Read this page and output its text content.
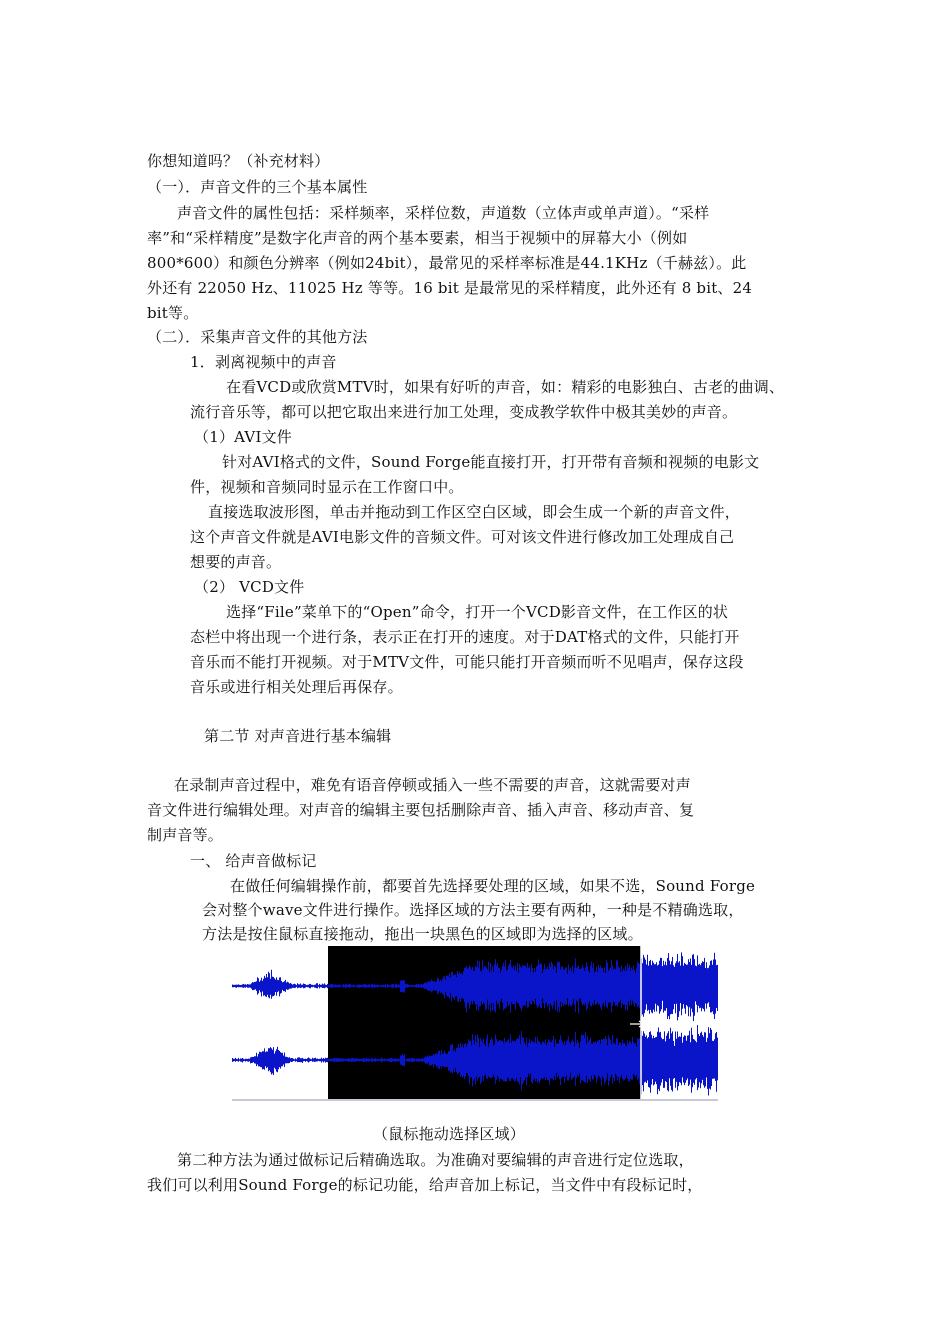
你想知道吗？（补充材料）
（一）．声音文件的三个基本属性
声音文件的属性包括：采样频率，采样位数，声道数（立体声或单声道）。“采样
率”和“采样精度”是数字化声音的两个基本要素，相当于视频中的屏幕大小（例如
800*600）和颜色分辨率（例如24bit），最常见的采样率标准是44.1KHz（千赫兹）。此
外还有 22050 Hz、11025 Hz 等等。16 bit 是最常见的采样精度，此外还有 8 bit、24
bit等。
（二）．采集声音文件的其他方法
1．剥离视频中的声音
在看VCD或欣赏MTV时，如果有好听的声音，如：精彩的电影独白、古老的曲调、
流行音乐等，都可以把它取出来进行加工处理，变成教学软件中极其美妙的声音。
（1）AVI文件
针对AVI格式的文件，Sound Forge能直接打开，打开带有音频和视频的电影文
件，视频和音频同时显示在工作窗口中。
直接选取波形图，单击并拖动到工作区空白区域，即会生成一个新的声音文件，
这个声音文件就是AVI电影文件的音频文件。可对该文件进行修改加工处理成自己
想要的声音。
（2） VCD文件
选择“File”菜单下的“Open”命令，打开一个VCD影音文件，在工作区的状
态栏中将出现一个进行条，表示正在打开的速度。对于DAT格式的文件，只能打开
音乐而不能打开视频。对于MTV文件，可能只能打开音频而听不见唱声，保存这段
音乐或进行相关处理后再保存。
第二节 对声音进行基本编辑
在录制声音过程中，难免有语音停顿或插入一些不需要的声音，这就需要对声
音文件进行编辑处理。对声音的编辑主要包括删除声音、插入声音、移动声音、复
制声音等。
一、 给声音做标记
在做任何编辑操作前，都要首先选择要处理的区域，如果不选，Sound Forge
会对整个wave文件进行操作。选择区域的方法主要有两种，一种是不精确选取，
方法是按住鼠标直接拖动，拖出一块黑色的区域即为选择的区域。
（鼠标拖动选择区域）
第二种方法为通过做标记后精确选取。为准确对要编辑的声音进行定位选取，
我们可以利用Sound Forge的标记功能，给声音加上标记，当文件中有段标记时，
